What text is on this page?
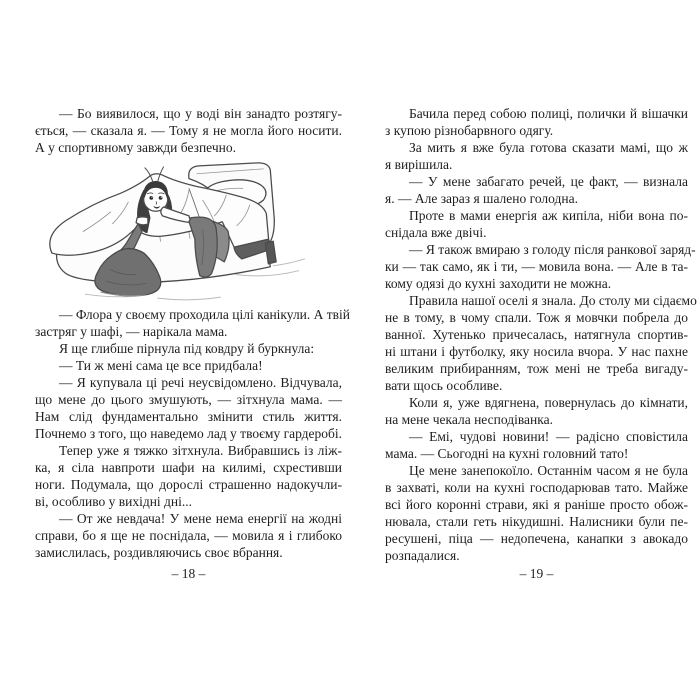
— Бо виявилося, що у воді він занадто розтягу-
ється, — сказала я. — Тому я не могла його носити.
А у спортивному завжди безпечно.
— Флора у своєму проходила цілі канікули. А твій
застряг у шафі, — нарікала мама.
Я ще глибше пірнула під ковдру й буркнула:
— Ти ж мені сама це все придбала!
— Я купувала ці речі неусвідомлено. Відчувала,
що мене до цього змушують, — зітхнула мама. —
Нам слід фундаментально змінити стиль життя.
Почнемо з того, що наведемо лад у твоєму гардеробі.
Тепер уже я тяжко зітхнула. Вибравшись із ліж-
ка, я сіла навпроти шафи на килимі, схрестивши
ноги. Подумала, що дорослі страшенно надокучли-
ві, особливо у вихідні дні...
— От же невдача! У мене нема енергії на жодні
справи, бо я ще не поснідала, — мовила я і глибоко
замислилась, роздивляючись своє вбрання.
– 18 –
Бачила перед собою полиці, полички й вішачки
з купою різнобарвного одягу.
За мить я вже була готова сказати мамі, що ж
я вирішила.
— У мене забагато речей, це факт, — визнала
я. — Але зараз я шалено голодна.
Проте в мами енергія аж кипіла, ніби вона по-
снідала вже двічі.
— Я також вмираю з голоду після ранкової заряд-
ки — так само, як і ти, — мовила вона. — Але в та-
кому одязі до кухні заходити не можна.
Правила нашої оселі я знала. До столу ми сідаємо
не в тому, в чому спали. Тож я мовчки побрела до
ванної. Хутенько причесалась, натягнула спортив-
ні штани і футболку, яку носила вчора. У нас пахне
великим прибиранням, тож мені не треба вигаду-
вати щось особливе.
Коли я, уже вдягнена, повернулась до кімнати,
на мене чекала несподіванка.
— Емі, чудові новини! — радісно сповістила
мама. — Сьогодні на кухні головний тато!
Це мене занепокоїло. Останнім часом я не була
в захваті, коли на кухні господарював тато. Майже
всі його коронні страви, які я раніше просто обож-
нювала, стали геть нікудишні. Налисники були пе-
ресушені, піца — недопечена, канапки з авокадо
розпадалися.
– 19 –
